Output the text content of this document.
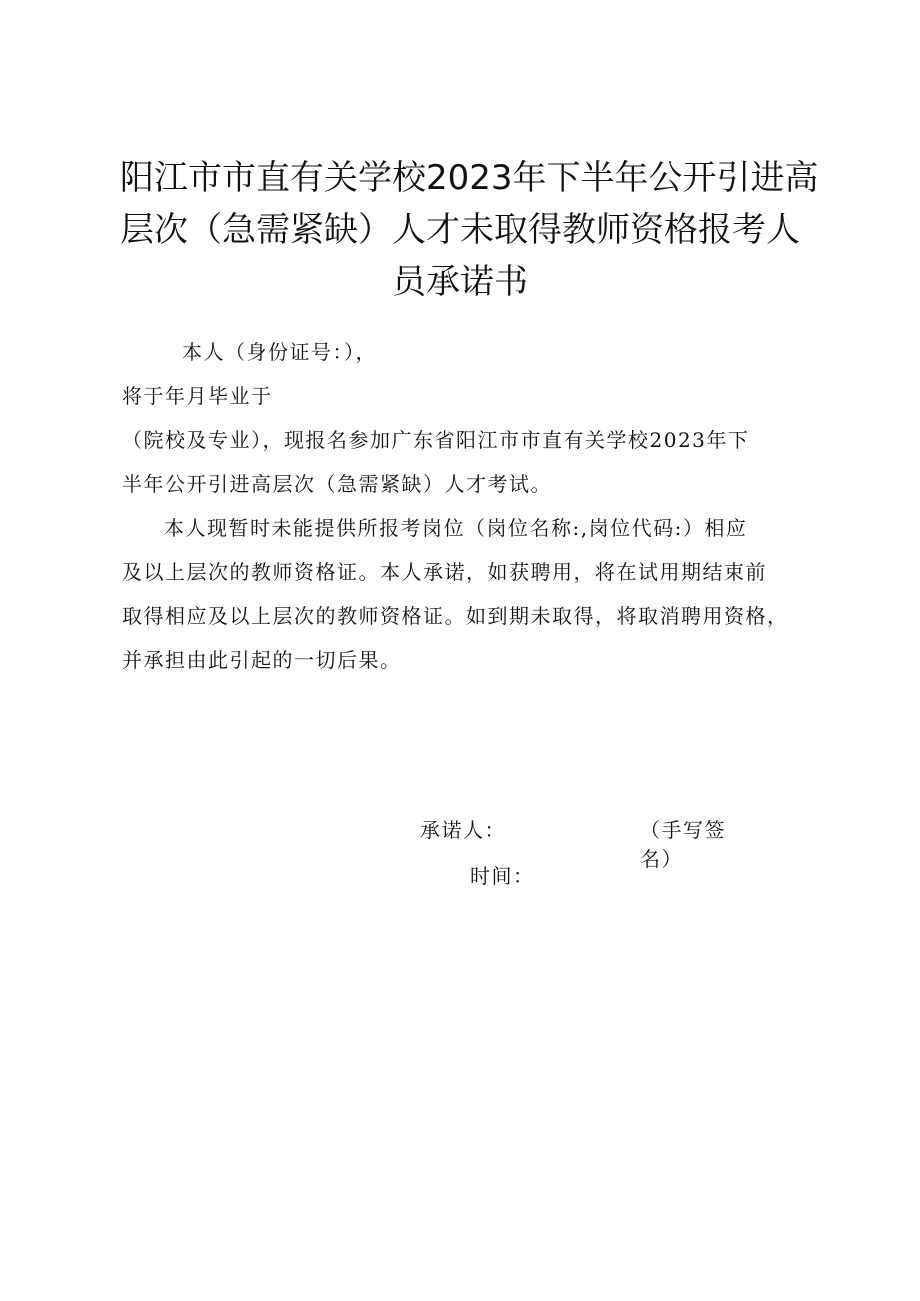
阳江市市直有关学校2023年下半年公开引进高
层次（急需紧缺）人才未取得教师资格报考人
员承诺书
本人（身份证号：），
将于年月毕业于
（院校及专业），现报名参加广东省阳江市市直有关学校2023年下
半年公开引进高层次（急需紧缺）人才考试。
本人现暂时未能提供所报考岗位（岗位名称:,岗位代码:）相应
及以上层次的教师资格证。本人承诺，如获聘用，将在试用期结束前
取得相应及以上层次的教师资格证。如到期未取得，将取消聘用资格，
并承担由此引起的一切后果。
承诺人：	（手写签
名）
时间：
